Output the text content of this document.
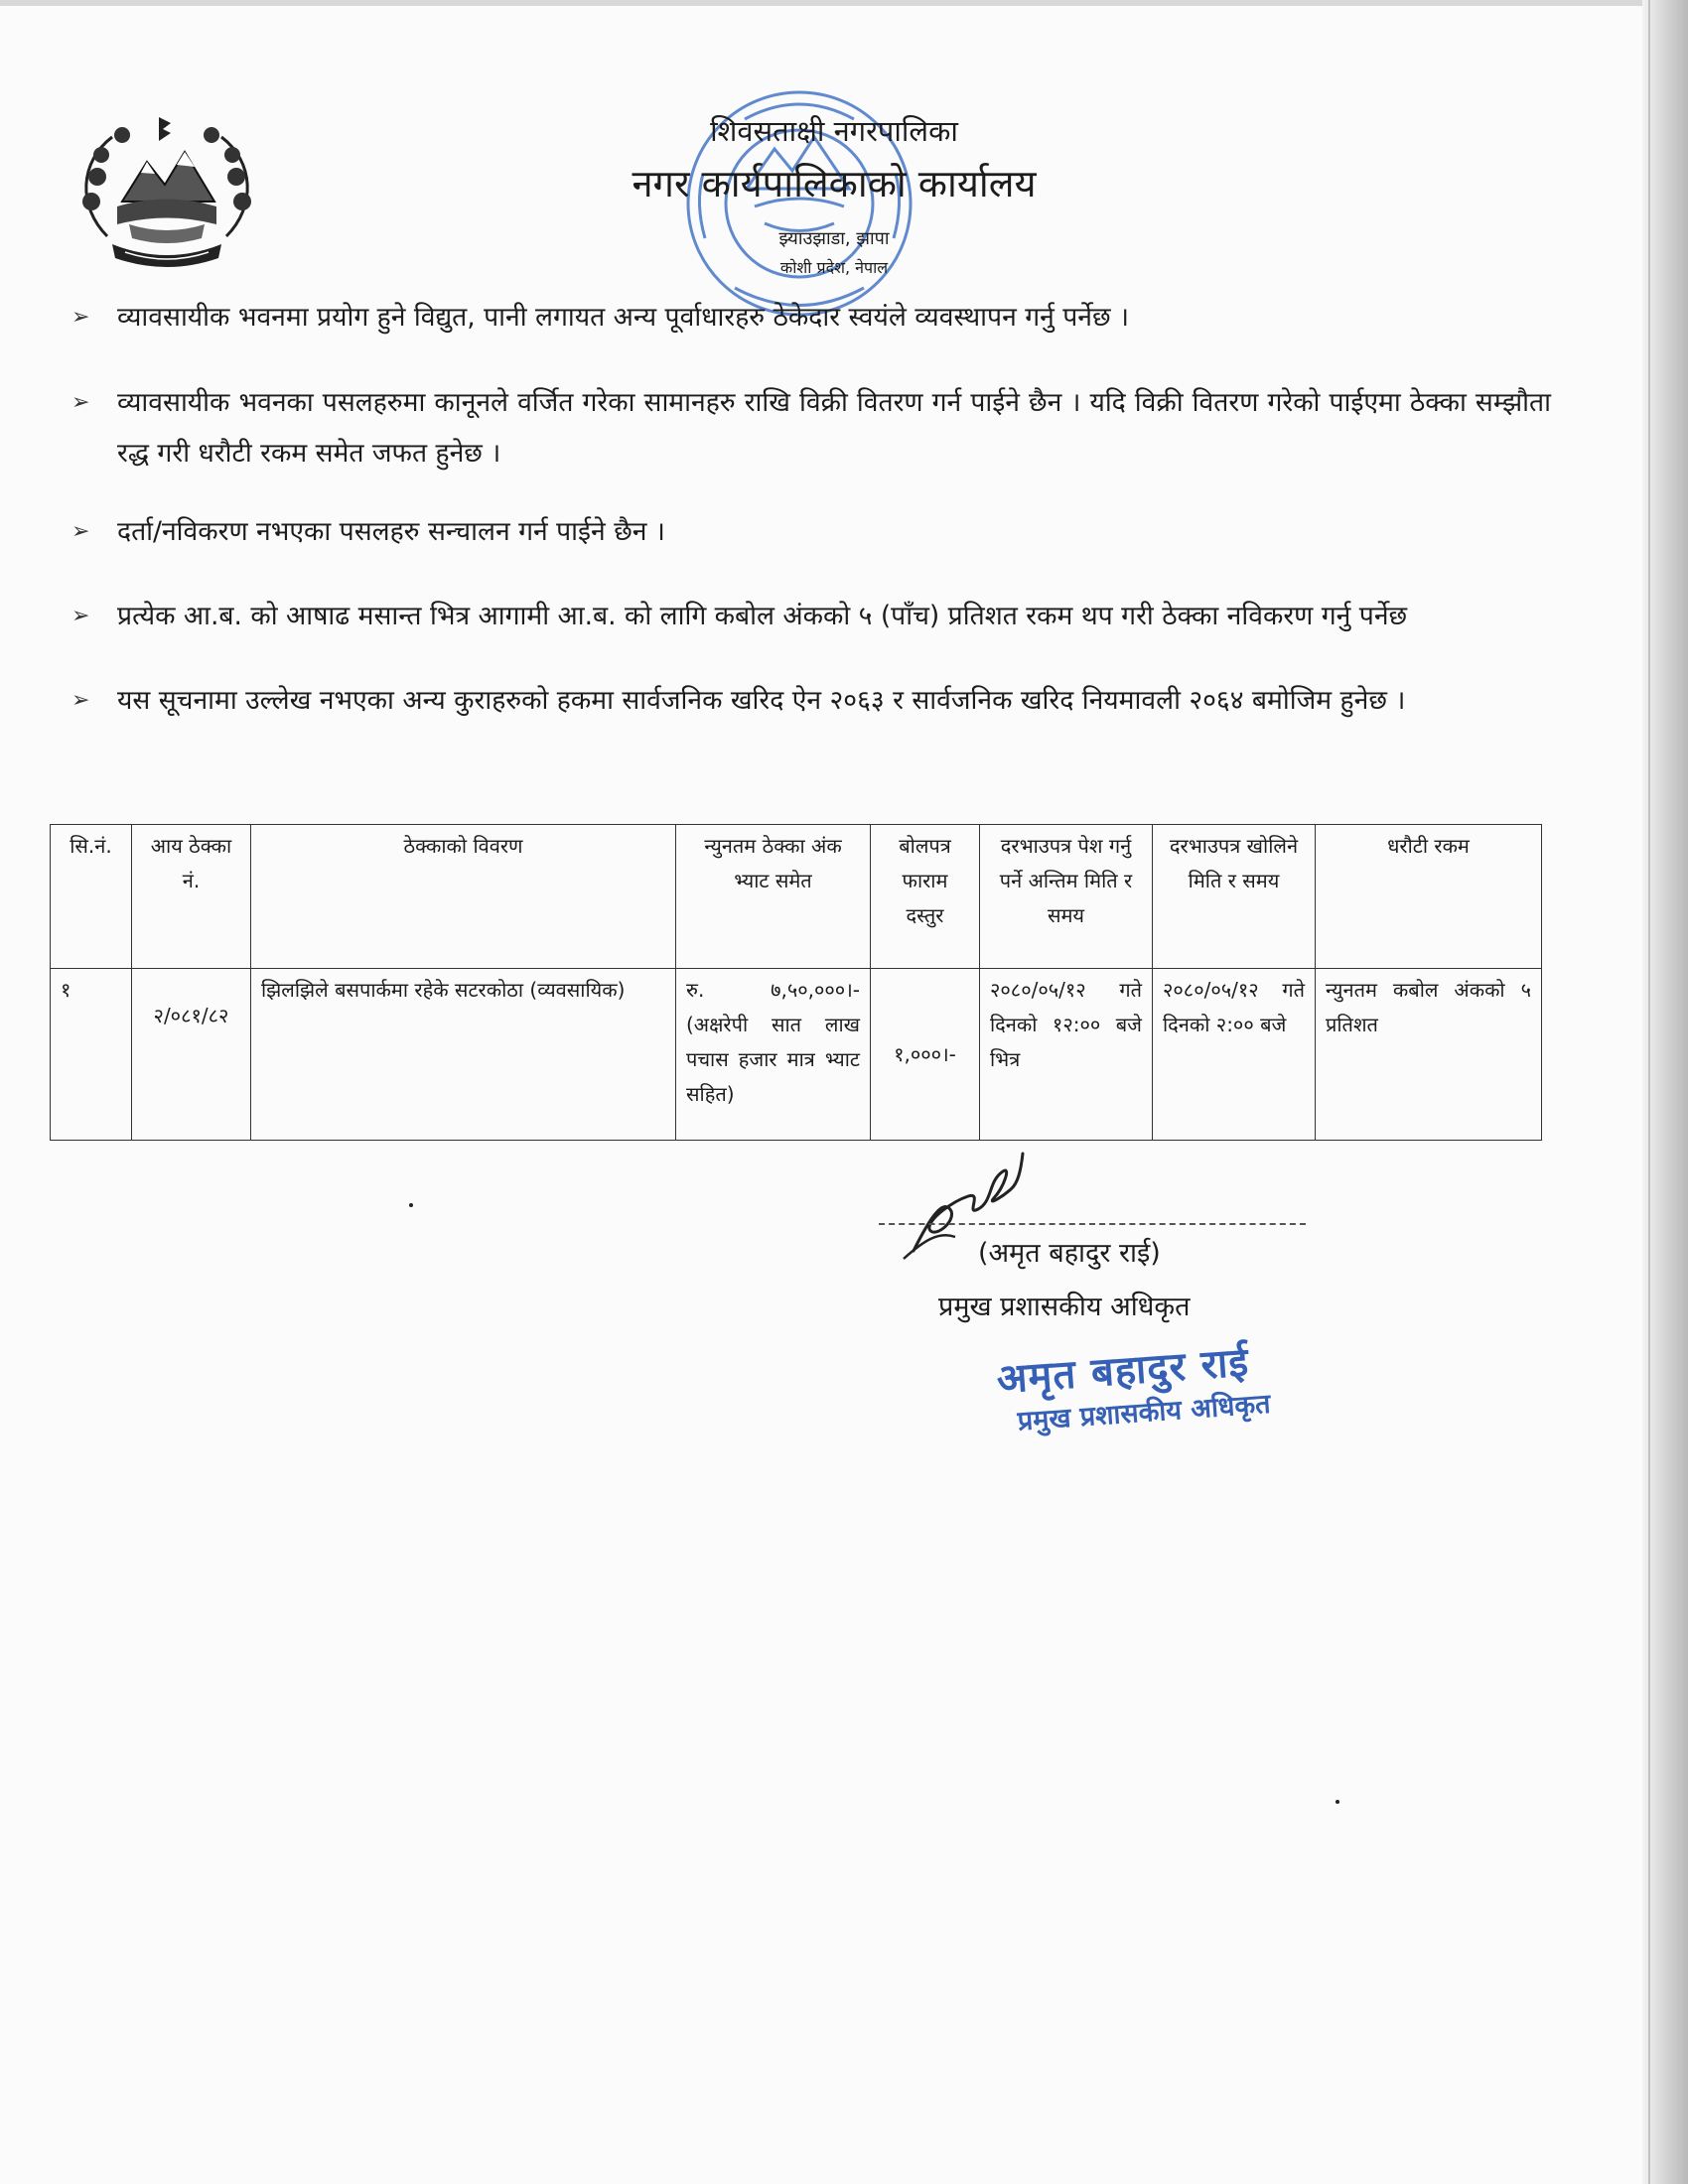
शिवसताक्षी नगरपालिका
नगर कार्यपालिकाको कार्यालय
झ्याउझाडा, झापा
कोशी प्रदेश, नेपाल
➢	व्यावसायीक भवनमा प्रयोग हुने विद्युत, पानी लगायत अन्य पूर्वाधारहरु ठेकेदार स्वयंले व्यवस्थापन गर्नु पर्नेछ ।
➢	व्यावसायीक भवनका पसलहरुमा कानूनले वर्जित गरेका सामानहरु राखि विक्री वितरण गर्न पाईने छैन । यदि विक्री वितरण गरेको पाईएमा ठेक्का सम्झौता रद्ध गरी धरौटी रकम समेत जफत हुनेछ ।
➢	दर्ता/नविकरण नभएका पसलहरु सन्चालन गर्न पाईने छैन ।
➢	प्रत्येक आ.ब. को आषाढ मसान्त भित्र आगामी आ.ब. को लागि कबोल अंकको ५ (पाँच) प्रतिशत रकम थप गरी ठेक्का नविकरण गर्नु पर्नेछ
➢	यस सूचनामा उल्लेख नभएका अन्य कुराहरुको हकमा सार्वजनिक खरिद ऐन २०६३ र सार्वजनिक खरिद नियमावली २०६४ बमोजिम हुनेछ ।
सि.नं.	आय ठेक्का नं.	ठेक्काको विवरण	न्युनतम ठेक्का अंक भ्याट समेत	बोलपत्र फाराम दस्तुर	दरभाउपत्र पेश गर्नु पर्ने अन्तिम मिति र समय	दरभाउपत्र खोलिने मिति र समय	धरौटी रकम
१	२/०८१/८२	झिलझिले बसपार्कमा रहेके सटरकोठा (व्यवसायिक)	रु. ७,५०,०००।- (अक्षरेपी सात लाख पचास हजार मात्र भ्याट सहित)	१,०००।-	२०८०/०५/१२ गते दिनको १२:०० बजे भित्र	२०८०/०५/१२ गते दिनको २:०० बजे	न्युनतम कबोल अंकको ५ प्रतिशत
(अमृत बहादुर राई)
प्रमुख प्रशासकीय अधिकृत
अमृत बहादुर राई
प्रमुख प्रशासकीय अधिकृत
